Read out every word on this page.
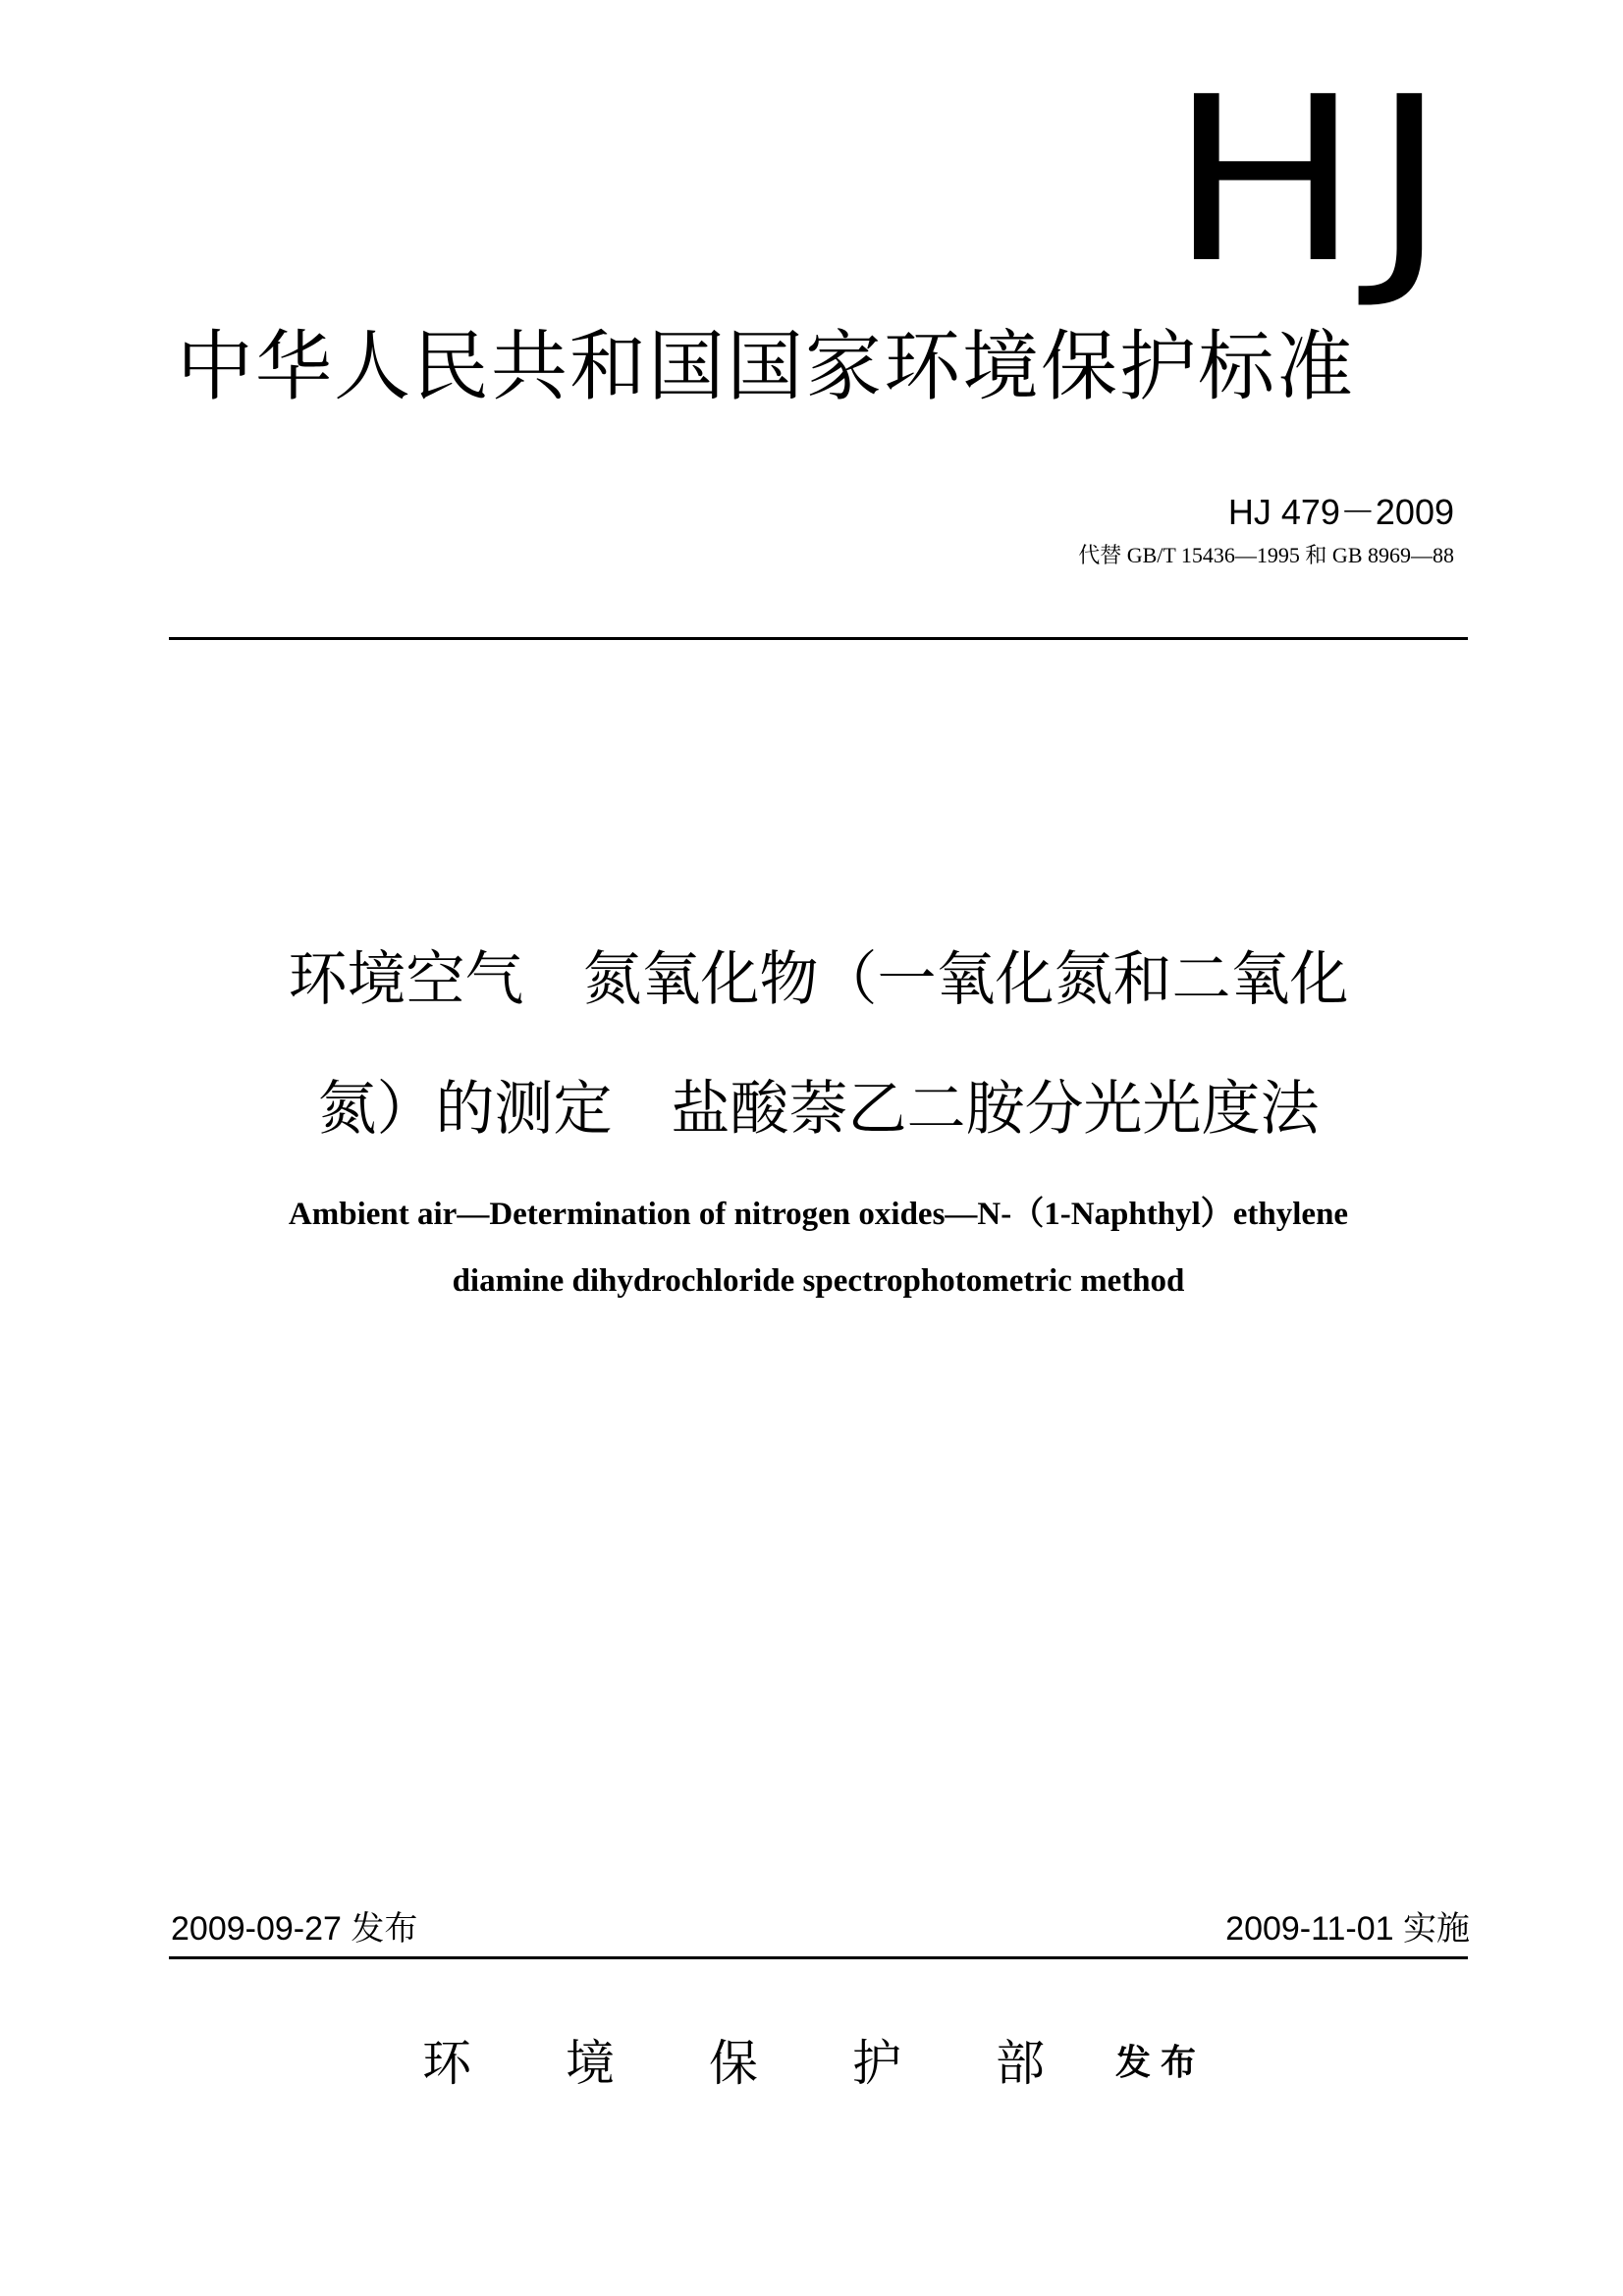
HJ
中华人民共和国国家环境保护标准
HJ 479－2009
代替 GB/T 15436—1995 和 GB 8969—88
环境空气　氮氧化物（一氧化氮和二氧化
氮）的测定　盐酸萘乙二胺分光光度法
Ambient air—Determination of nitrogen oxides—N-（1-Naphthyl）ethylene
diamine dihydrochloride spectrophotometric method
2009-09-27 发布	2009-11-01 实施
环境保护部
发布
